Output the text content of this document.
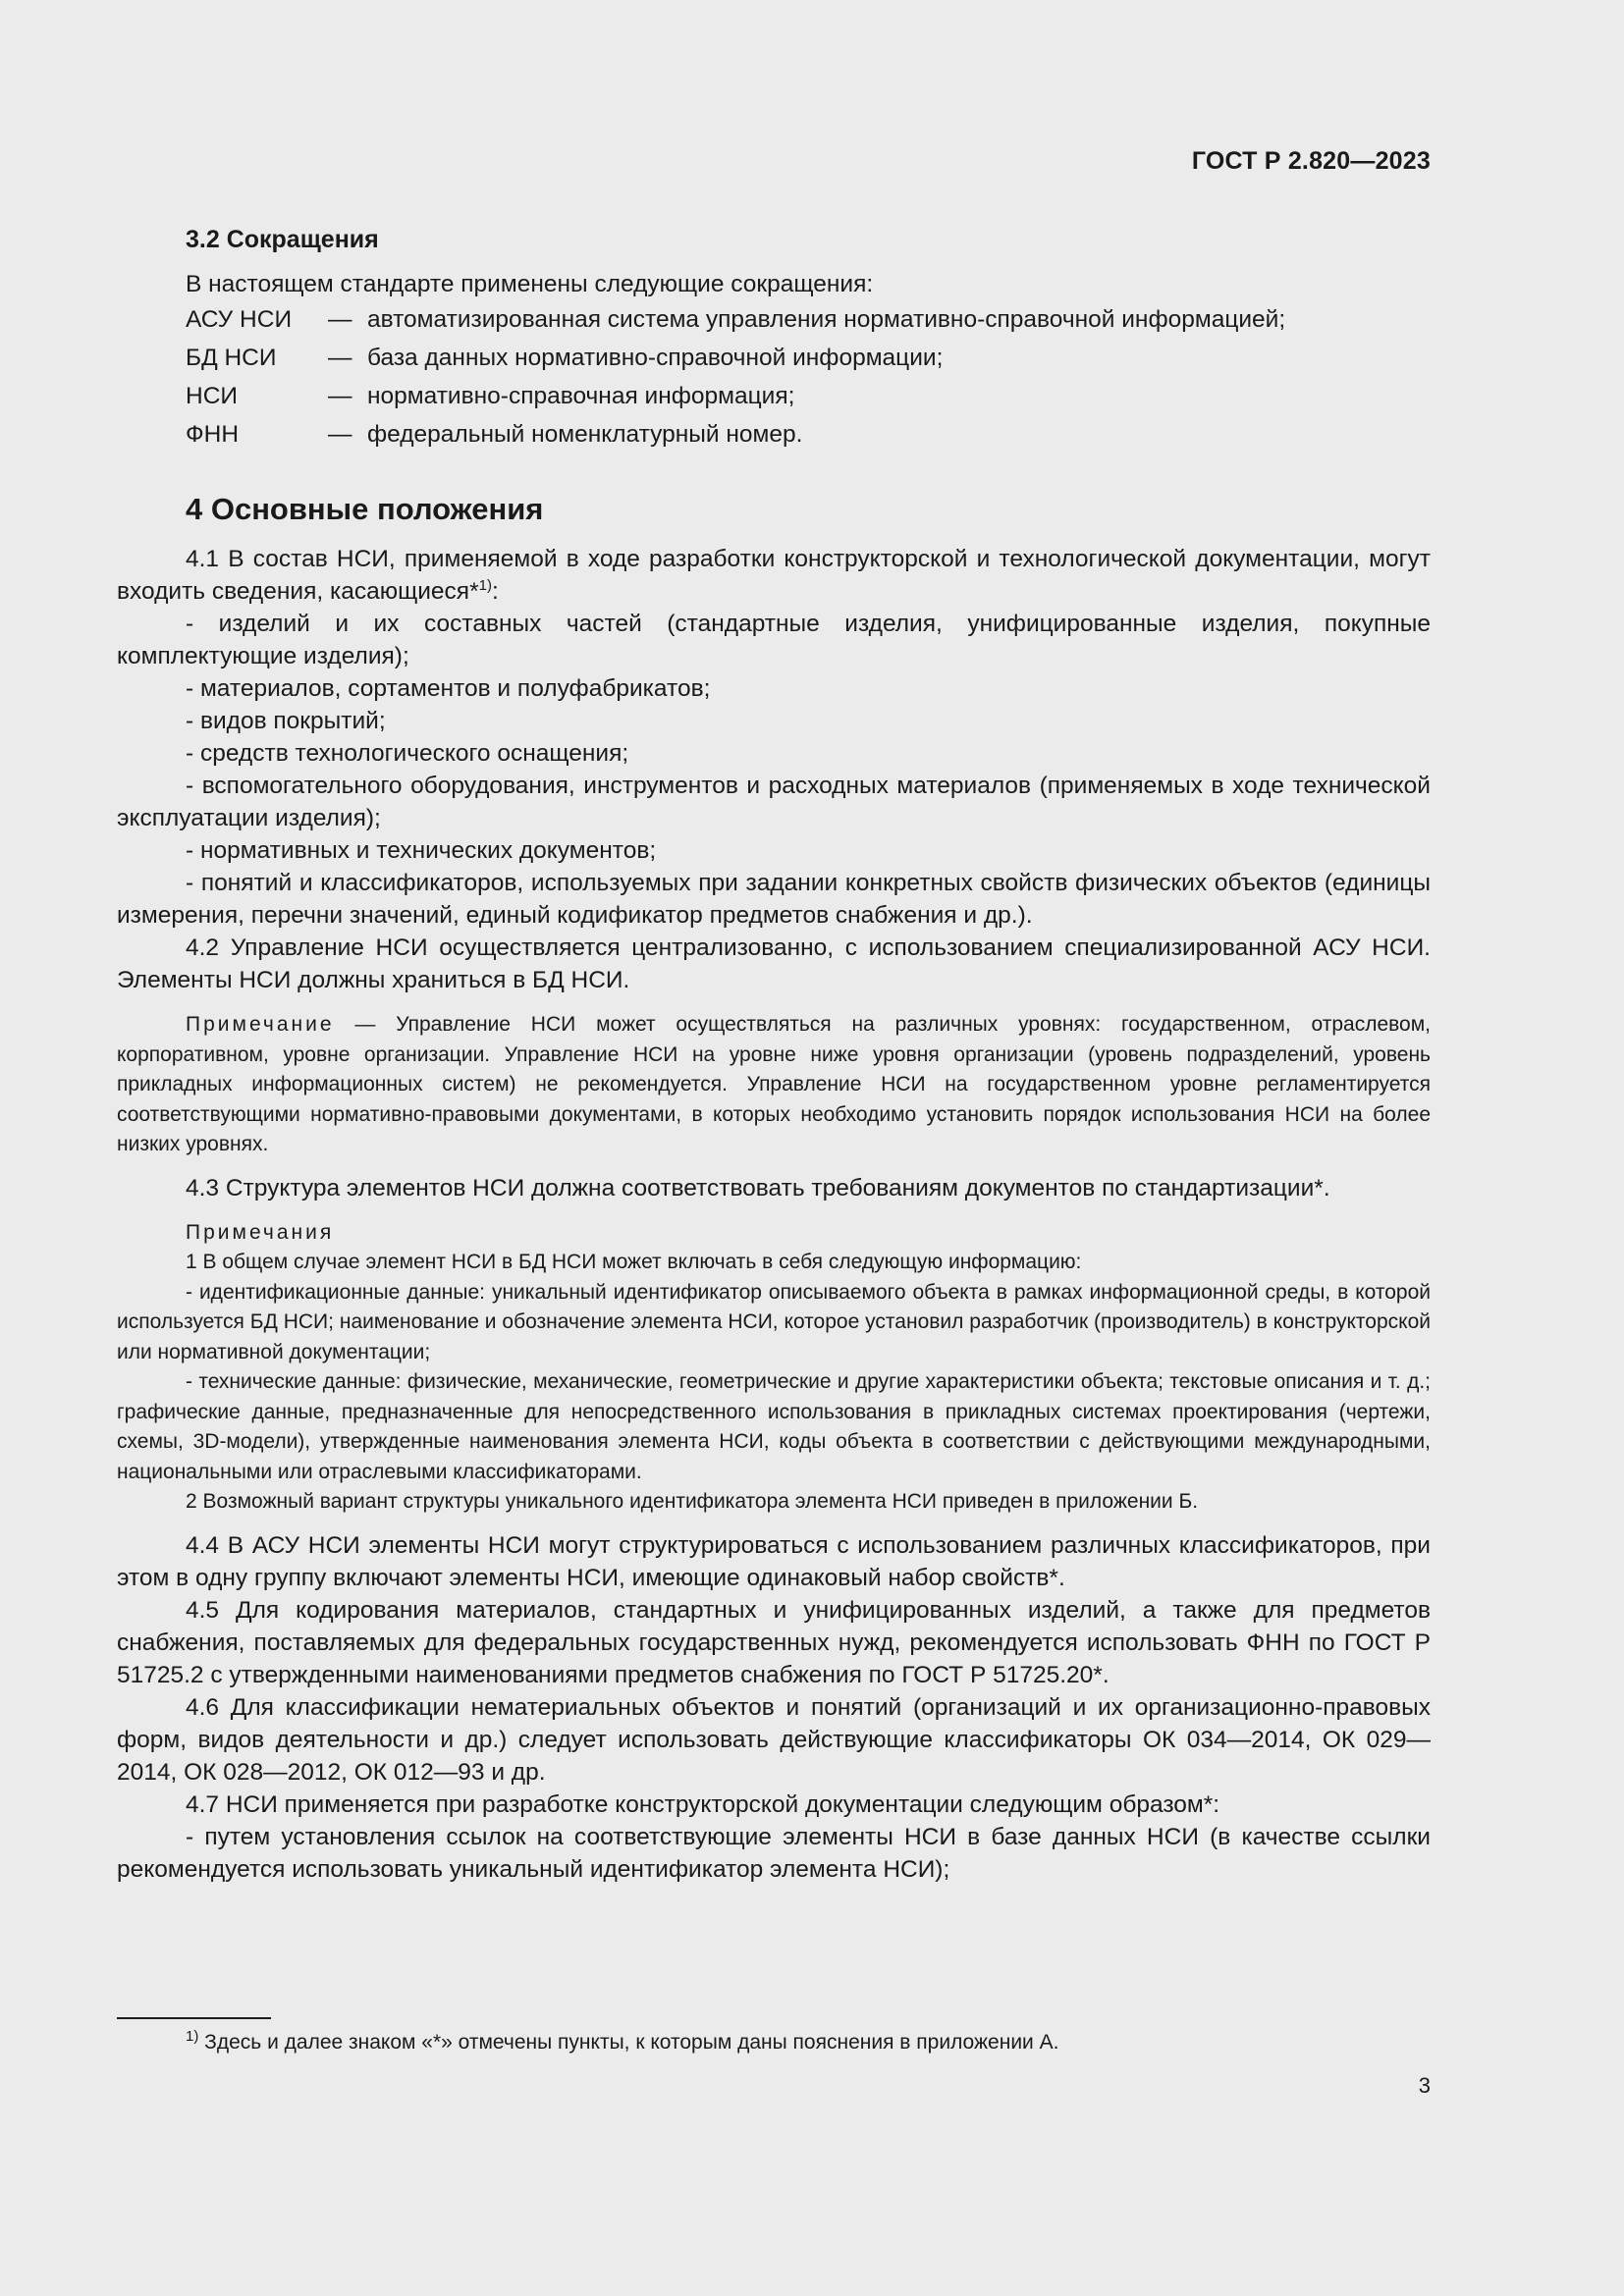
ГОСТ Р 2.820—2023
3.2 Сокращения
В настоящем стандарте применены следующие сокращения:
АСУ НСИ	— автоматизированная система управления нормативно-справочной информацией;
БД НСИ	— база данных нормативно-справочной информации;
НСИ	— нормативно-справочная информация;
ФНН	— федеральный номенклатурный номер.
4 Основные положения

4.1 В состав НСИ, применяемой в ходе разработки конструкторской и технологической документации, могут входить сведения, касающиеся*$^{1)}$:

- изделий и их составных частей (стандартные изделия, унифицированные изделия, покупные комплектующие изделия);

- материалов, сортаментов и полуфабрикатов;

- видов покрытий;

- средств технологического оснащения;

- вспомогательного оборудования, инструментов и расходных материалов (применяемых в ходе технической эксплуатации изделия);

- нормативных и технических документов;

- понятий и классификаторов, используемых при задании конкретных свойств физических объектов (единицы измерения, перечни значений, единый кодификатор предметов снабжения и др.).

4.2 Управление НСИ осуществляется централизованно, с использованием специализированной АСУ НСИ. Элементы НСИ должны храниться в БД НСИ.

Примечание — Управление НСИ может осуществляться на различных уровнях: государственном, отраслевом, корпоративном, уровне организации. Управление НСИ на уровне ниже уровня организации (уровень подразделений, уровень прикладных информационных систем) не рекомендуется. Управление НСИ на государственном уровне регламентируется соответствующими нормативно-правовыми документами, в которых необходимо установить порядок использования НСИ на более низких уровнях.

4.3 Структура элементов НСИ должна соответствовать требованиям документов по стандартизации*.

Примечания

1 В общем случае элемент НСИ в БД НСИ может включать в себя следующую информацию:

- идентификационные данные: уникальный идентификатор описываемого объекта в рамках информационной среды, в которой используется БД НСИ; наименование и обозначение элемента НСИ, которое установил разработчик (производитель) в конструкторской или нормативной документации;

- технические данные: физические, механические, геометрические и другие характеристики объекта; текстовые описания и т. д.; графические данные, предназначенные для непосредственного использования в прикладных системах проектирования (чертежи, схемы, 3D-модели), утвержденные наименования элемента НСИ, коды объекта в соответствии с действующими международными, национальными или отраслевыми классификаторами.

2 Возможный вариант структуры уникального идентификатора элемента НСИ приведен в приложении Б.

4.4 В АСУ НСИ элементы НСИ могут структурироваться с использованием различных классификаторов, при этом в одну группу включают элементы НСИ, имеющие одинаковый набор свойств*.

4.5 Для кодирования материалов, стандартных и унифицированных изделий, а также для предметов снабжения, поставляемых для федеральных государственных нужд, рекомендуется использовать ФНН по ГОСТ Р 51725.2 с утвержденными наименованиями предметов снабжения по ГОСТ Р 51725.20*.

4.6 Для классификации нематериальных объектов и понятий (организаций и их организационно-правовых форм, видов деятельности и др.) следует использовать действующие классификаторы ОК 034—2014, ОК 029—2014, ОК 028—2012, ОК 012—93 и др.

4.7 НСИ применяется при разработке конструкторской документации следующим образом*:

- путем установления ссылок на соответствующие элементы НСИ в базе данных НСИ (в качестве ссылки рекомендуется использовать уникальный идентификатор элемента НСИ);

$^{1)}$ Здесь и далее знаком «*» отмечены пункты, к которым даны пояснения в приложении А.
3
